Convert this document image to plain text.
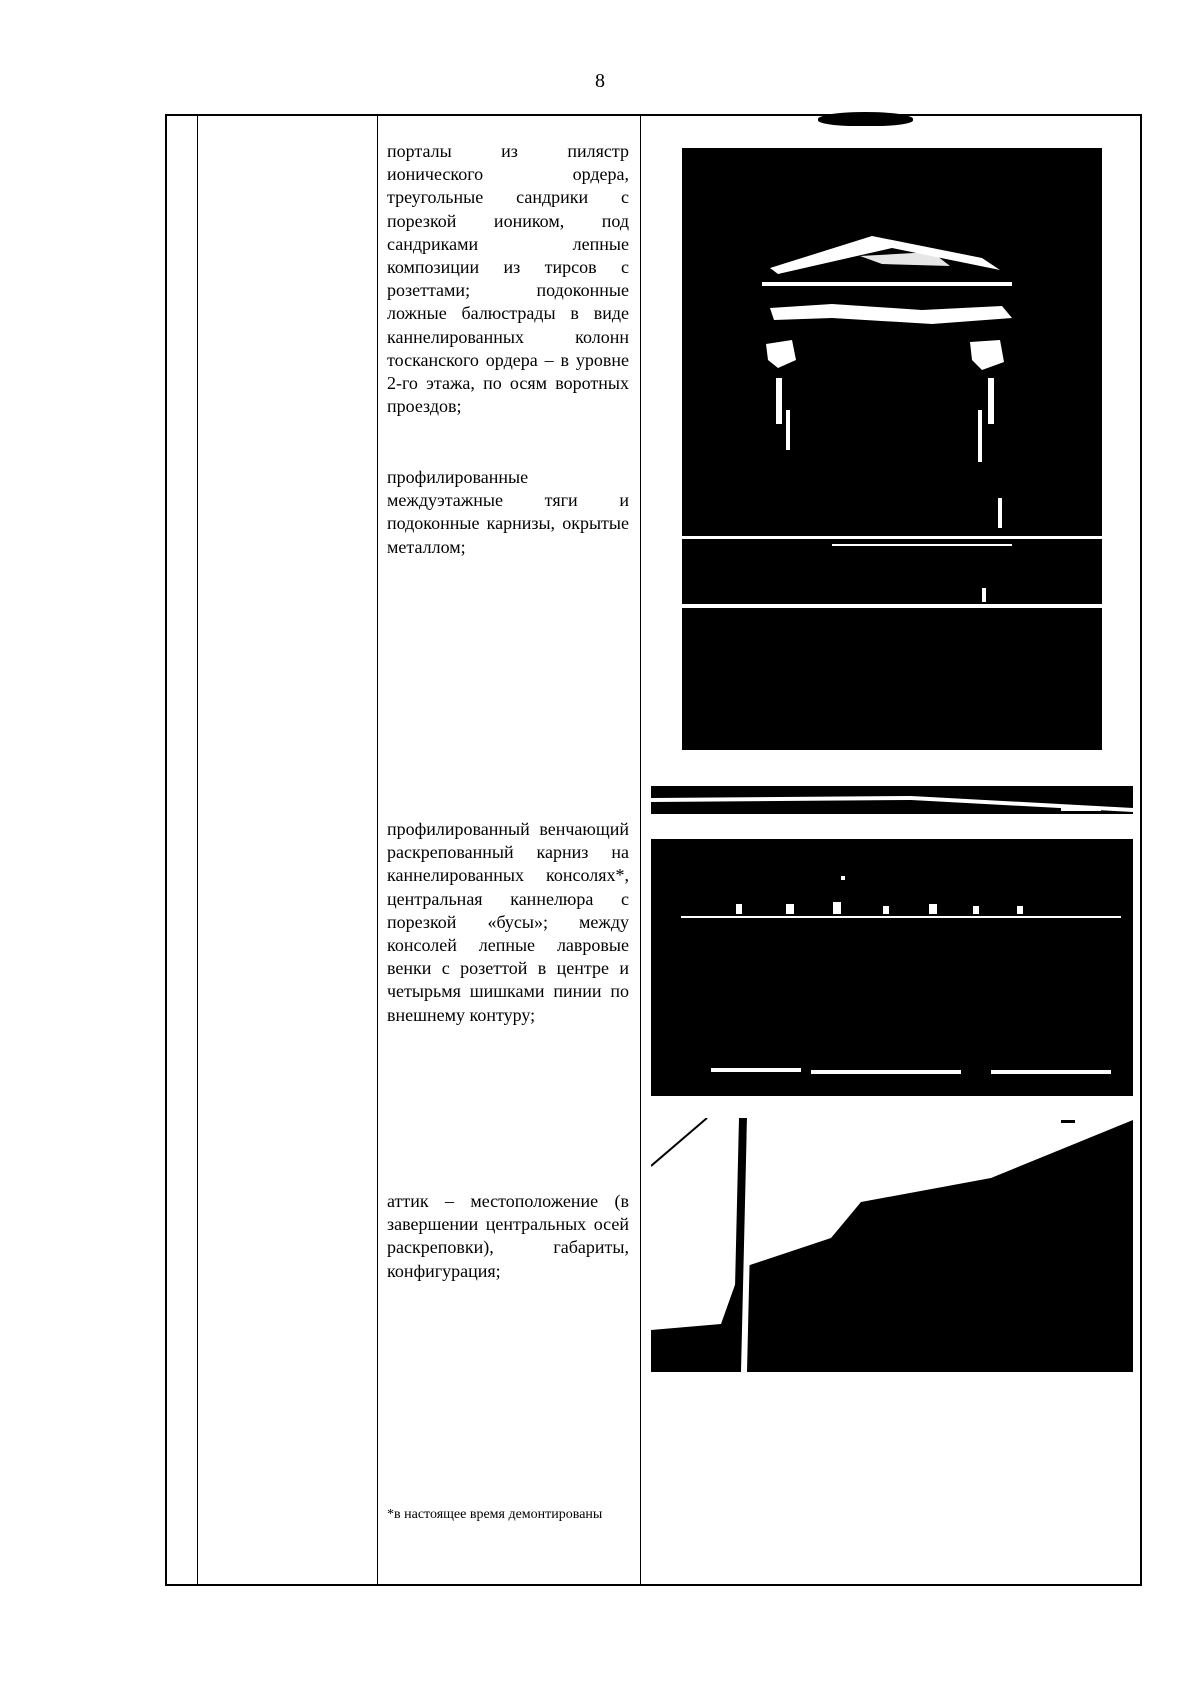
8
порталы из пилястр ионического ордера, треугольные сандрики с порезкой иоником, под сандриками лепные композиции из тирсов с розеттами; подоконные ложные балюстрады в виде каннелированных колонн тосканского ордера – в уровне 2-го этажа, по осям воротных проездов;
профилированные междуэтажные тяги и подоконные карнизы, окрытые металлом;
профилированный венчающий раскрепованный карниз на каннелированных консолях*, центральная каннелюра с порезкой «бусы»; между консолей лепные лавровые венки с розеттой в центре и четырьмя шишками пинии по внешнему контуру;
аттик – местоположение (в завершении центральных осей раскреповки), габариты, конфигурация;
*в настоящее время демонтированы
